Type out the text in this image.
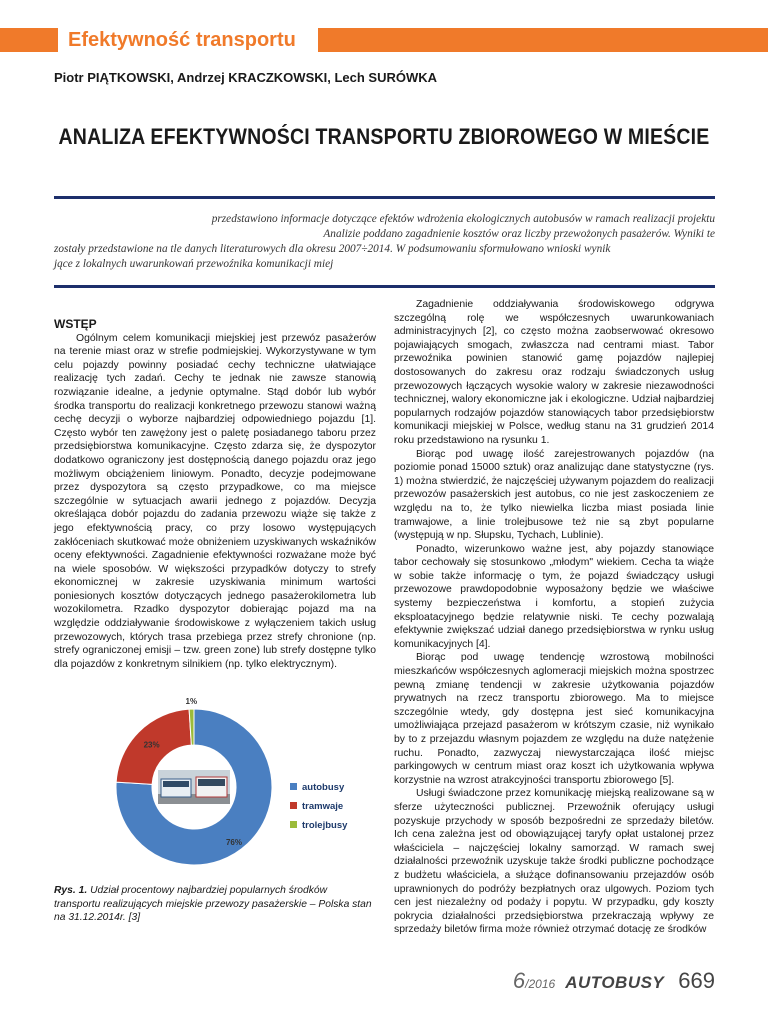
Efektywność transportu
Piotr PIĄTKOWSKI, Andrzej KRACZKOWSKI, Lech SURÓWKA
ANALIZA EFEKTYWNOŚCI TRANSPORTU ZBIOROWEGO W MIEŚCIE

przedstawiono informacje dotyczące efektów wdrożenia ekologicznych autobusów w ramach realizacji projektu

Analizie poddano zagadnienie kosztów oraz liczby przewożonych pasażerów. Wyniki te

zostały przedstawione na tle danych literaturowych dla okresu 2007÷2014. W podsumowaniu sformułowano wnioski wynik

jące z lokalnych uwarunkowań przewoźnika komunikacji miej

WSTĘP

Ogólnym celem komunikacji miejskiej jest przewóz pasażerów na terenie miast oraz w strefie podmiejskiej. Wykorzystywane w tym celu pojazdy powinny posiadać cechy techniczne ułatwiające realizację tych zadań. Cechy te jednak nie zawsze stanowią rozwiązanie idealne, a jedynie optymalne. Stąd dobór lub wybór środka transportu do realizacji konkretnego przewozu stanowi ważną cechę decyzji o wyborze najbardziej odpowiedniego pojazdu [1]. Często wybór ten zawężony jest o paletę posiadanego taboru przez przedsiębiorstwa komunikacyjne. Często zdarza się, że dyspozytor dodatkowo ograniczony jest dostępnością danego pojazdu oraz jego możliwym obciążeniem liniowym. Ponadto, decyzje podejmowane przez dyspozytora są często przypadkowe, co ma miejsce szczególnie w sytuacjach awarii jednego z pojazdów. Decyzja określająca dobór pojazdu do zadania przewozu wiąże się także z jego efektywnością pracy, co przy losowo występujących zakłóceniach skutkować może obniżeniem uzyskiwanych wskaźników oceny efektywności. Zagadnienie efektywności rozważane może być na wiele sposobów. W większości przypadków dotyczy to strefy ekonomicznej w zakresie uzyskiwania minimum wartości poniesionych kosztów dotyczących jednego pasażerokilometra lub wozokilometra. Rzadko dyspozytor dobierając pojazd ma na względzie oddziaływanie środowiskowe z wyłączeniem takich usług przewozowych, których trasa przebiega przez strefy chronione (np. strefy ograniczonej emisji – tzw. green zone) lub strefy dostępne tylko dla pojazdów z konkretnym silnikiem (np. tylko elektrycznym).

76%
23%
1%
autobusy
tramwaje
trolejbusy
Rys. 1. Udział procentowy najbardziej popularnych środków transportu realizujących miejskie przewozy pasażerskie – Polska stan na 31.12.2014r. [3]

Zagadnienie oddziaływania środowiskowego odgrywa szczególną rolę we współczesnych uwarunkowaniach administracyjnych [2], co często można zaobserwować okresowo pojawiających smogach, zwłaszcza nad centrami miast. Tabor przewoźnika powinien stanowić gamę pojazdów najlepiej dostosowanych do zakresu oraz rodzaju świadczonych usług przewozowych łączących wysokie walory w zakresie niezawodności technicznej, walory ekonomiczne jak i ekologiczne. Udział najbardziej popularnych rodzajów pojazdów stanowiących tabor przedsiębiorstw komunikacji miejskiej w Polsce, według stanu na 31 grudzień 2014 roku przedstawiono na rysunku 1.

Biorąc pod uwagę ilość zarejestrowanych pojazdów (na poziomie ponad 15000 sztuk) oraz analizując dane statystyczne (rys. 1) można stwierdzić, że najczęściej używanym pojazdem do realizacji przewozów pasażerskich jest autobus, co nie jest zaskoczeniem ze względu na to, że tylko niewielka liczba miast posiada linie tramwajowe, a linie trolejbusowe też nie są zbyt popularne (występują w np. Słupsku, Tychach, Lublinie).

Ponadto, wizerunkowo ważne jest, aby pojazdy stanowiące tabor cechowały się stosunkowo „młodym" wiekiem. Cecha ta wiąże w sobie także informację o tym, że pojazd świadczący usługi przewozowe prawdopodobnie wyposażony będzie we właściwe systemy bezpieczeństwa i komfortu, a stopień zużycia eksploatacyjnego będzie relatywnie niski. Te cechy pozwalają efektywnie zwiększać udział danego przedsiębiorstwa w rynku usług komunikacyjnych [4].

Biorąc pod uwagę tendencję wzrostową mobilności mieszkańców współczesnych aglomeracji miejskich można spostrzec pewną zmianę tendencji w zakresie użytkowania pojazdów prywatnych na rzecz transportu zbiorowego. Ma to miejsce szczególnie wtedy, gdy dostępna jest sieć komunikacyjna umożliwiająca przejazd pasażerom w krótszym czasie, niż wynikało by to z przejazdu własnym pojazdem ze względu na duże natężenie ruchu. Ponadto, zazwyczaj niewystarczająca ilość miejsc parkingowych w centrum miast oraz koszt ich użytkowania wpływa korzystnie na wzrost atrakcyjności transportu zbiorowego [5].

Usługi świadczone przez komunikację miejską realizowane są w sferze użyteczności publicznej. Przewoźnik oferujący usługi pozyskuje przychody w sposób bezpośredni ze sprzedaży biletów. Ich cena zależna jest od obowiązującej taryfy opłat ustalonej przez właściciela – najczęściej lokalny samorząd. W ramach swej działalności przewoźnik uzyskuje także środki publiczne pochodzące z budżetu właściciela, a służące dofinansowaniu przejazdów osób uprawnionych do podróży bezpłatnych oraz ulgowych. Poziom tych cen jest niezależny od podaży i popytu. W przypadku, gdy koszty pokrycia działalności przedsiębiorstwa przekraczają wpływy ze sprzedaży biletów firma może również otrzymać dotację ze środków

6 /2016 AUTOBUSY 669
